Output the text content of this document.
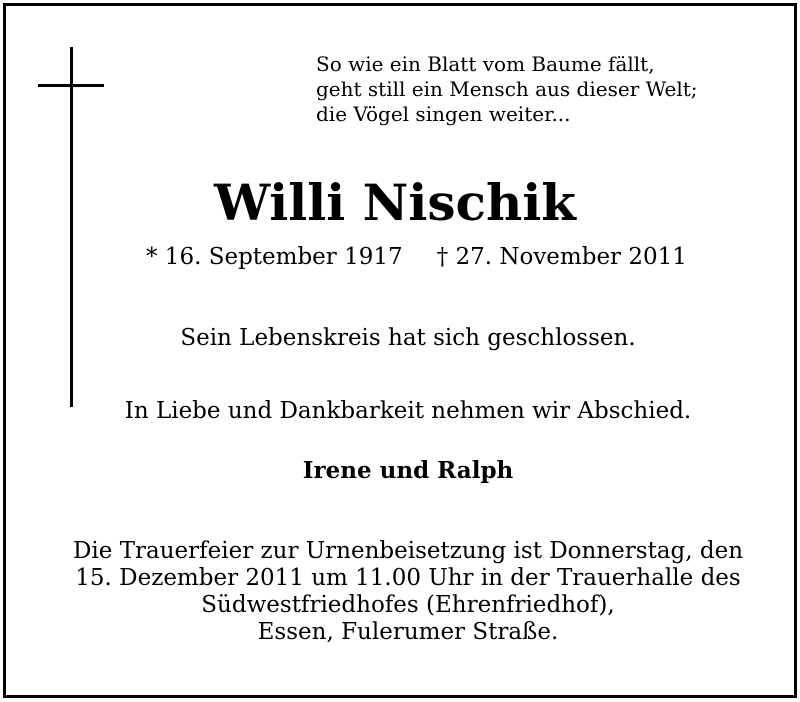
So wie ein Blatt vom Baume fällt,
geht still ein Mensch aus dieser Welt;
die Vögel singen weiter...
Willi Nischik
* 16. September 1917 † 27. November 2011
Sein Lebenskreis hat sich geschlossen.
In Liebe und Dankbarkeit nehmen wir Abschied.
Irene und Ralph
Die Trauerfeier zur Urnenbeisetzung ist Donnerstag, den
15. Dezember 2011 um 11.00 Uhr in der Trauerhalle des
Südwestfriedhofes (Ehrenfriedhof),
Essen, Fulerumer Straße.
